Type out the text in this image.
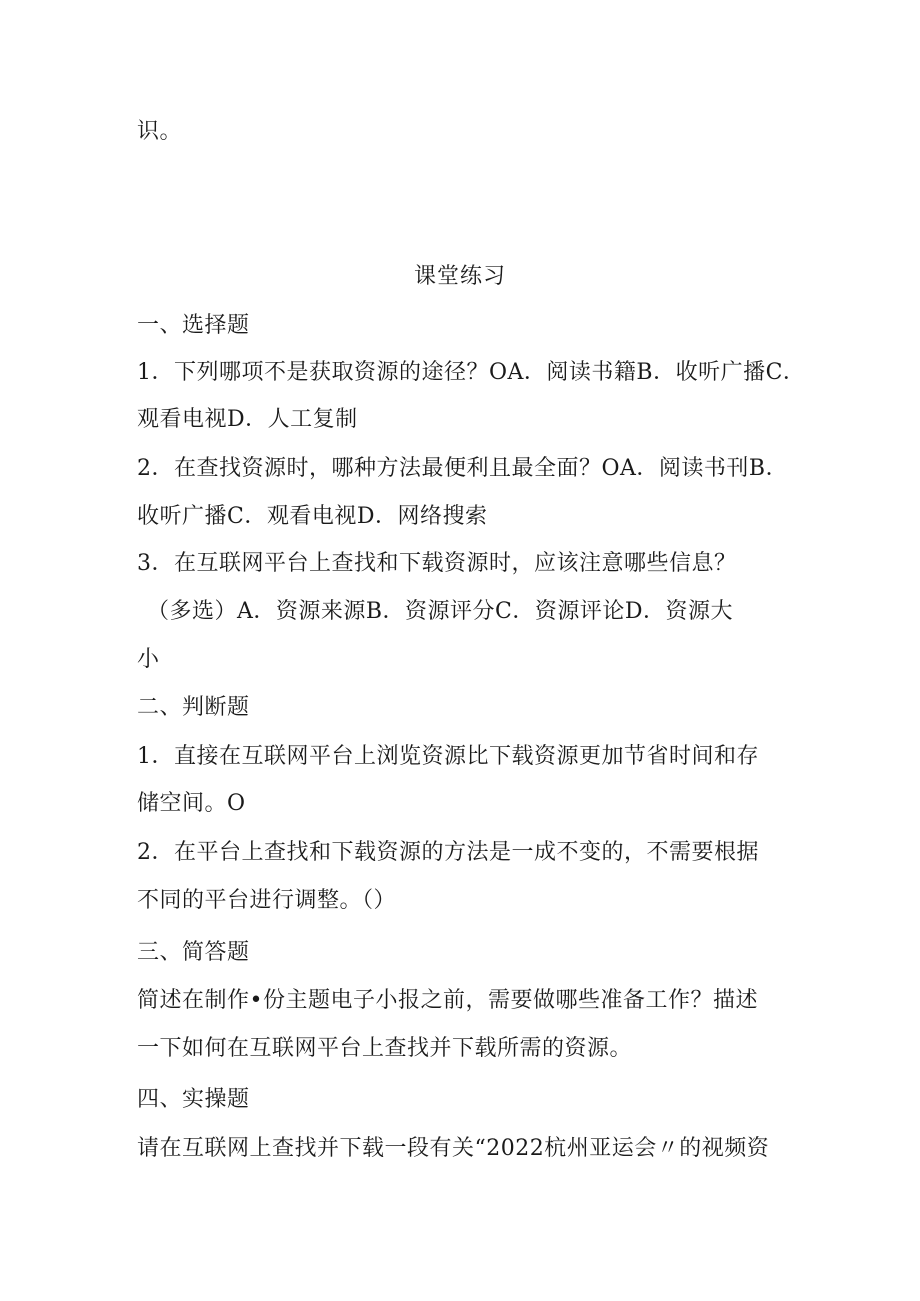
识。
课堂练习
一、选择题
1．下列哪项不是获取资源的途径？OA．阅读书籍B．收听广播C．
观看电视D．人工复制
2．在查找资源时，哪种方法最便利且最全面？OA．阅读书刊B．
收听广播C．观看电视D．网络搜索
3．在互联网平台上查找和下载资源时，应该注意哪些信息？
（多选）A．资源来源B．资源评分C．资源评论D．资源大
小
二、判断题
1．直接在互联网平台上浏览资源比下载资源更加节省时间和存
储空间。O
2．在平台上查找和下载资源的方法是一成不变的，不需要根据
不同的平台进行调整。（）
三、简答题
简述在制作•份主题电子小报之前，需要做哪些准备工作？描述
一下如何在互联网平台上查找并下载所需的资源。
四、实操题
请在互联网上查找并下载一段有关“2022杭州亚运会〃的视频资
